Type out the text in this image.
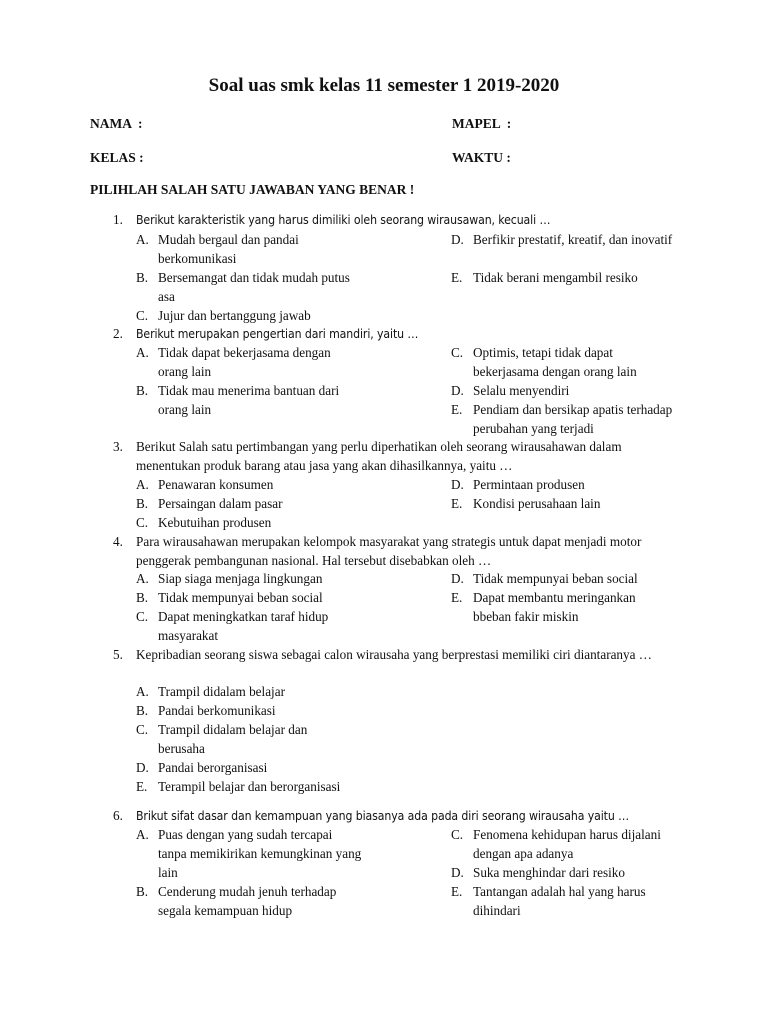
Soal uas smk kelas 11 semester 1 2019-2020
NAMA  :	MAPEL  :
KELAS :	WAKTU :
PILIHLAH SALAH SATU JAWABAN YANG BENAR !
1. Berikut karakteristik yang harus dimiliki oleh seorang wirausawan, kecuali …
A. Mudah bergaul dan pandai berkomunikasi
B. Bersemangat dan tidak mudah putus asa
C. Jujur dan bertanggung jawab
D. Berfikir prestatif, kreatif, dan inovatif
E. Tidak berani mengambil resiko
2. Berikut merupakan pengertian dari mandiri, yaitu …
A. Tidak dapat bekerjasama dengan orang lain
B. Tidak mau menerima bantuan dari orang lain
C. Optimis, tetapi tidak dapat bekerjasama dengan orang lain
D. Selalu menyendiri
E. Pendiam dan bersikap apatis terhadap perubahan yang terjadi
3. Berikut Salah satu pertimbangan yang perlu diperhatikan oleh seorang wirausahawan dalam menentukan produk barang atau jasa yang akan dihasilkannya, yaitu …
A. Penawaran konsumen
B. Persaingan dalam pasar
C. Kebutuihan produsen
D. Permintaan produsen
E. Kondisi perusahaan lain
4. Para wirausahawan merupakan kelompok masyarakat yang strategis untuk dapat menjadi motor penggerak pembangunan nasional. Hal tersebut disebabkan oleh …
A. Siap siaga menjaga lingkungan
B. Tidak mempunyai beban social
C. Dapat meningkatkan taraf hidup masyarakat
D. Tidak mempunyai beban social
E. Dapat membantu meringankan bbeban fakir miskin
5. Kepribadian seorang siswa sebagai calon wirausaha yang berprestasi memiliki ciri diantaranya …
A. Trampil didalam belajar
B. Pandai berkomunikasi
C. Trampil didalam belajar dan berusaha
D. Pandai berorganisasi
E. Terampil belajar dan berorganisasi
6. Brikut sifat dasar dan kemampuan yang biasanya ada pada diri seorang wirausaha yaitu …
A. Puas dengan yang sudah tercapai tanpa memikirikan kemungkinan yang lain
B. Cenderung mudah jenuh terhadap segala kemampuan hidup
C. Fenomena kehidupan harus dijalani dengan apa adanya
D. Suka menghindar dari resiko
E. Tantangan adalah hal yang harus dihindari
